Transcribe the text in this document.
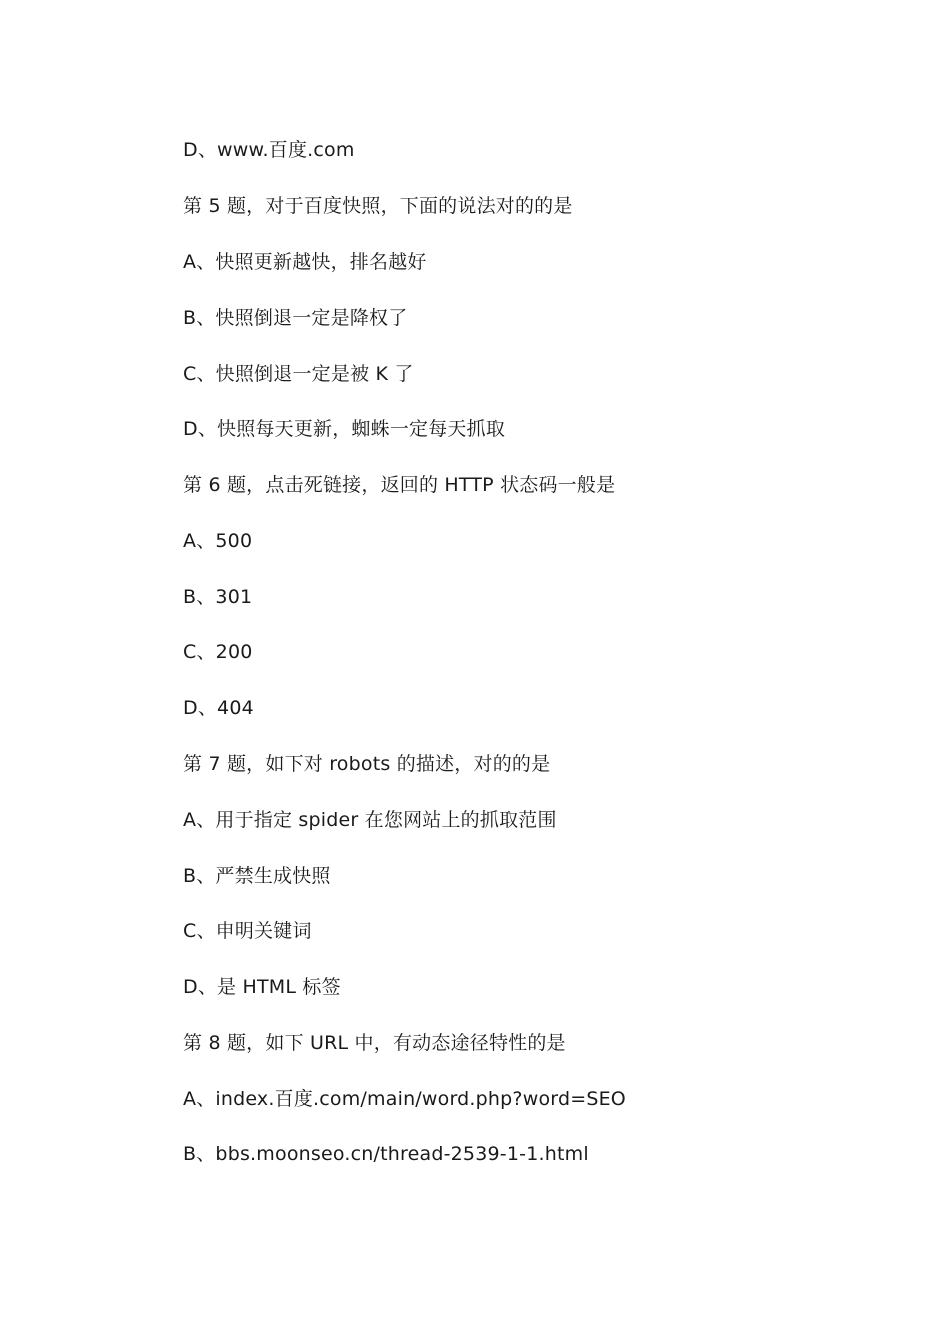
D、www.百度.com
第 5 题，对于百度快照，下面的说法对的的是
A、快照更新越快，排名越好
B、快照倒退一定是降权了
C、快照倒退一定是被 K 了
D、快照每天更新，蜘蛛一定每天抓取
第 6 题，点击死链接，返回的 HTTP 状态码一般是
A、500
B、301
C、200
D、404
第 7 题，如下对 robots 的描述，对的的是
A、用于指定 spider 在您网站上的抓取范围
B、严禁生成快照
C、申明关键词
D、是 HTML 标签
第 8 题，如下 URL 中，有动态途径特性的是
A、index.百度.com/main/word.php?word=SEO
B、bbs.moonseo.cn/thread-2539-1-1.html
